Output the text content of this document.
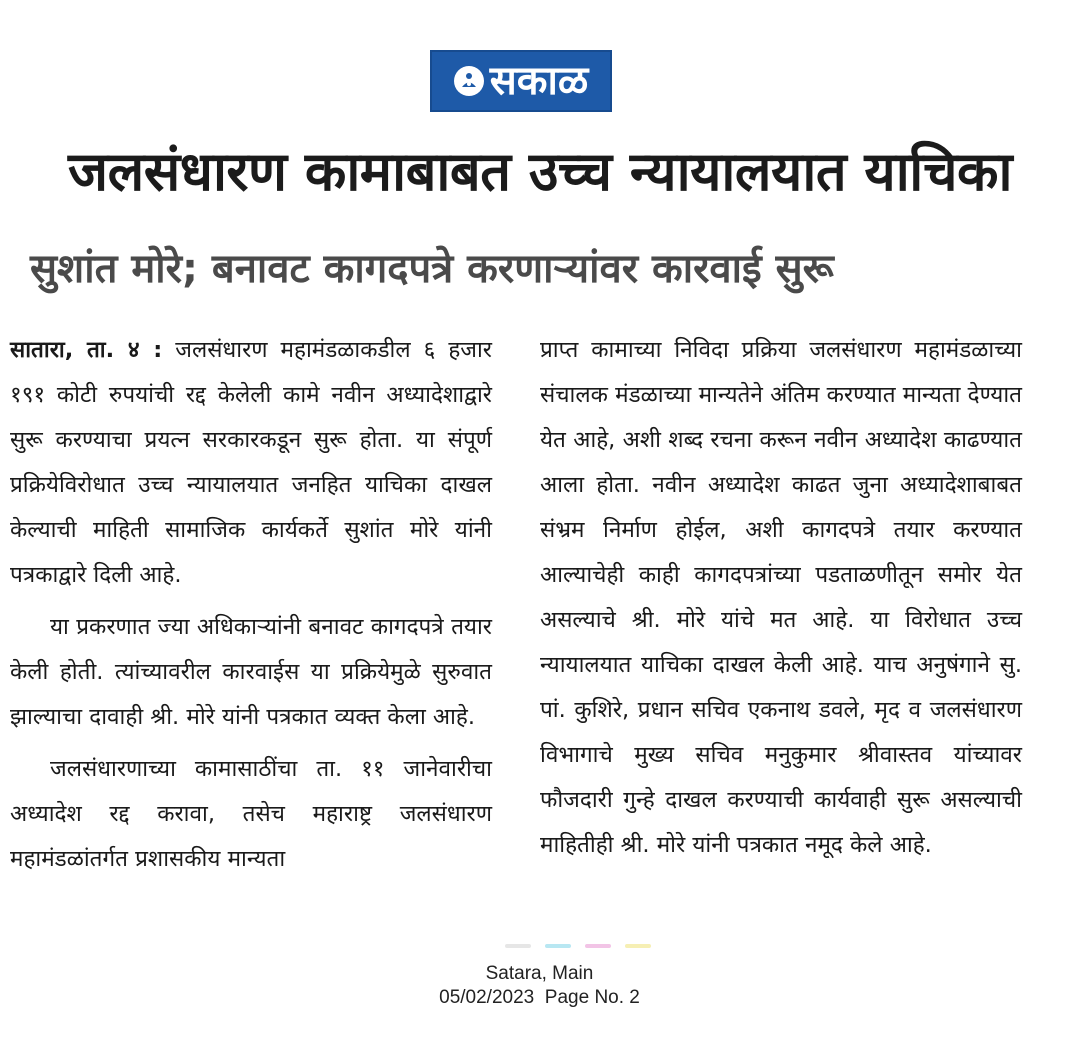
सकाळ
जलसंधारण कामाबाबत उच्च न्यायालयात याचिका
सुशांत मोरे; बनावट कागदपत्रे करणाऱ्यांवर कारवाई सुरू

सातारा, ता. ४ : जलसंधारण महामंडळाकडील ६ हजार १९१ कोटी रुपयांची रद्द केलेली कामे नवीन अध्यादेशाद्वारे सुरू करण्याचा प्रयत्न सरकारकडून सुरू होता. या संपूर्ण प्रक्रियेविरोधात उच्च न्यायालयात जनहित याचिका दाखल केल्याची माहिती सामाजिक कार्यकर्ते सुशांत मोरे यांनी पत्रकाद्वारे दिली आहे.

या प्रकरणात ज्या अधिकाऱ्यांनी बनावट कागदपत्रे तयार केली होती. त्यांच्यावरील कारवाईस या प्रक्रियेमुळे सुरुवात झाल्याचा दावाही श्री. मोरे यांनी पत्रकात व्यक्त केला आहे.

जलसंधारणाच्या कामासाठींचा ता. ११ जानेवारीचा अध्यादेश रद्द करावा, तसेच महाराष्ट्र जलसंधारण महामंडळांतर्गत प्रशासकीय मान्यता

प्राप्त कामाच्या निविदा प्रक्रिया जलसंधारण महामंडळाच्या संचालक मंडळाच्या मान्यतेने अंतिम करण्यात मान्यता देण्यात येत आहे, अशी शब्द रचना करून नवीन अध्यादेश काढण्यात आला होता. नवीन अध्यादेश काढत जुना अध्यादेशाबाबत संभ्रम निर्माण होईल, अशी कागदपत्रे तयार करण्यात आल्याचेही काही कागदपत्रांच्या पडताळणीतून समोर येत असल्याचे श्री. मोरे यांचे मत आहे. या विरोधात उच्च न्यायालयात याचिका दाखल केली आहे. याच अनुषंगाने सु. पां. कुशिरे, प्रधान सचिव एकनाथ डवले, मृद व जलसंधारण विभागाचे मुख्य सचिव मनुकुमार श्रीवास्तव यांच्यावर फौजदारी गुन्हे दाखल करण्याची कार्यवाही सुरू असल्याची माहितीही श्री. मोरे यांनी पत्रकात नमूद केले आहे.

Satara, Main
05/02/2023  Page No. 2
